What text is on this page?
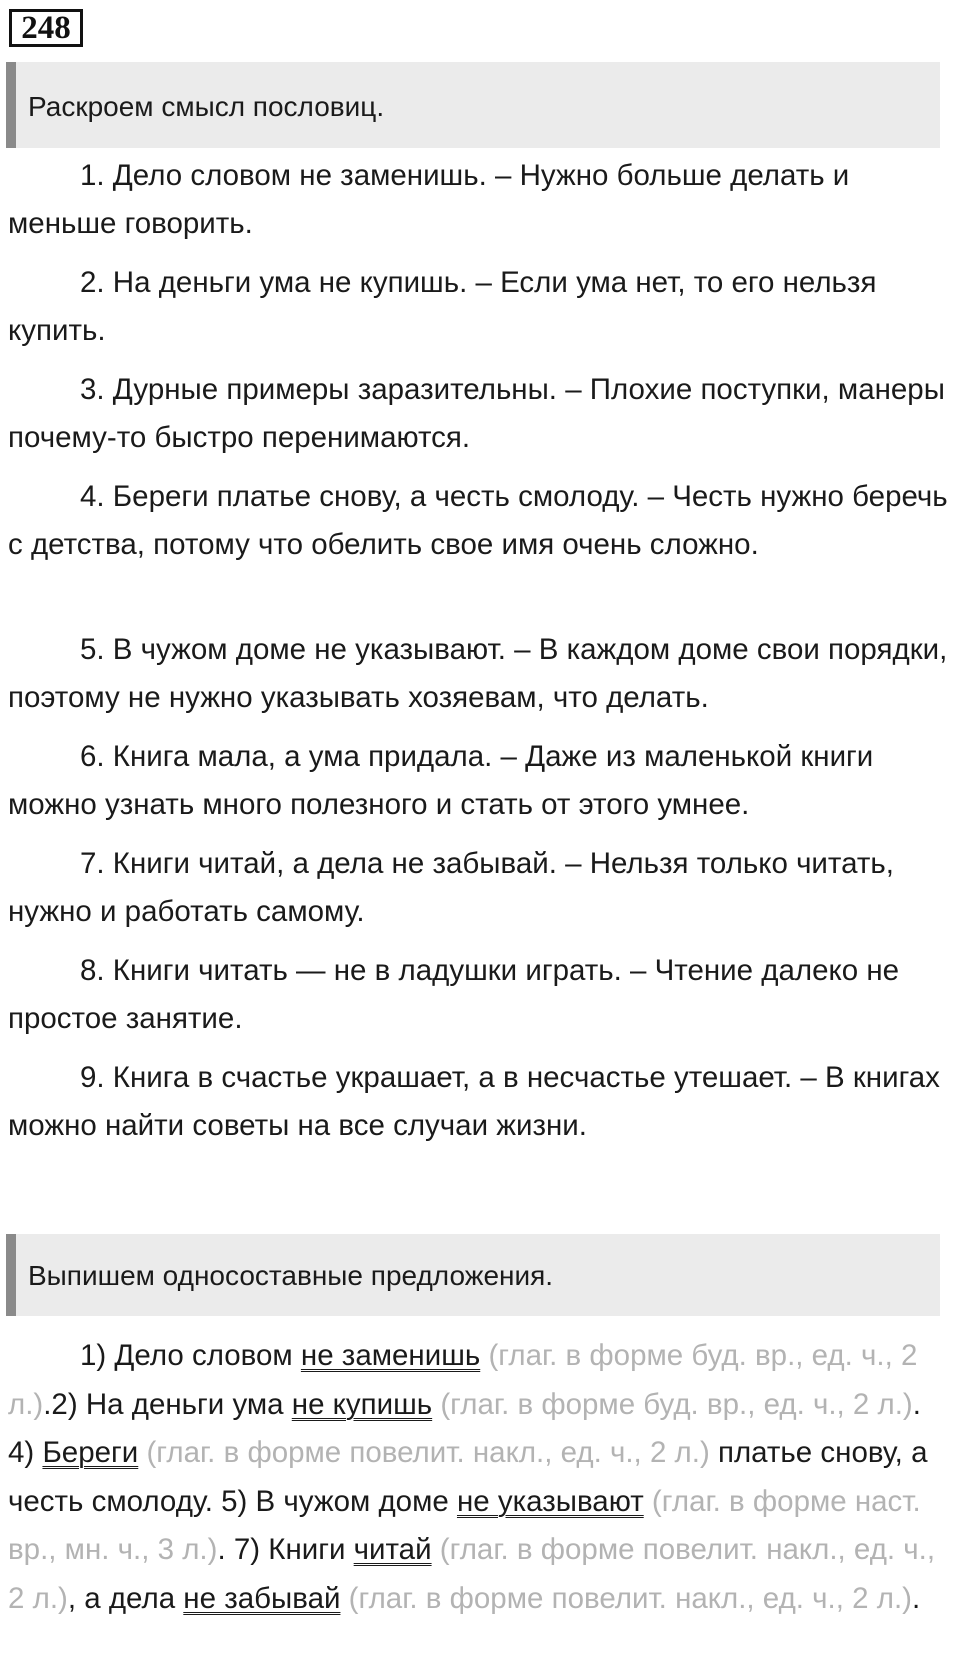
248
Раскроем смысл пословиц.

1. Дело словом не заменишь. – Нужно больше делать и меньше говорить.

2. На деньги ума не купишь. – Если ума нет, то его нельзя купить.

3. Дурные примеры заразительны. – Плохие поступки, манеры почему-то быстро перенимаются.

4. Береги платье снову, а честь смолоду. – Честь нужно беречь с детства, потому что обелить свое имя очень сложно.

5. В чужом доме не указывают. – В каждом доме свои порядки, поэтому не нужно указывать хозяевам, что делать.

6. Книга мала, а ума придала. – Даже из маленькой книги можно узнать много полезного и стать от этого умнее.

7. Книги читай, а дела не забывай. – Нельзя только читать, нужно и работать самому.

8. Книги читать — не в ладушки играть. – Чтение далеко не простое занятие.

9. Книга в счастье украшает, а в несчастье утешает. – В книгах можно найти советы на все случаи жизни.

Выпишем односоставные предложения.

1) Дело словом не заменишь (глаг. в форме буд. вр., ед. ч., 2 л.).2) На деньги ума не купишь (глаг. в форме буд. вр., ед. ч., 2 л.). 4) Береги (глаг. в форме повелит. накл., ед. ч., 2 л.) платье снову, а честь смолоду. 5) В чужом доме не указывают (глаг. в форме наст. вр., мн. ч., 3 л.). 7) Книги читай (глаг. в форме повелит. накл., ед. ч., 2 л.), а дела не забывай (глаг. в форме повелит. накл., ед. ч., 2 л.).
